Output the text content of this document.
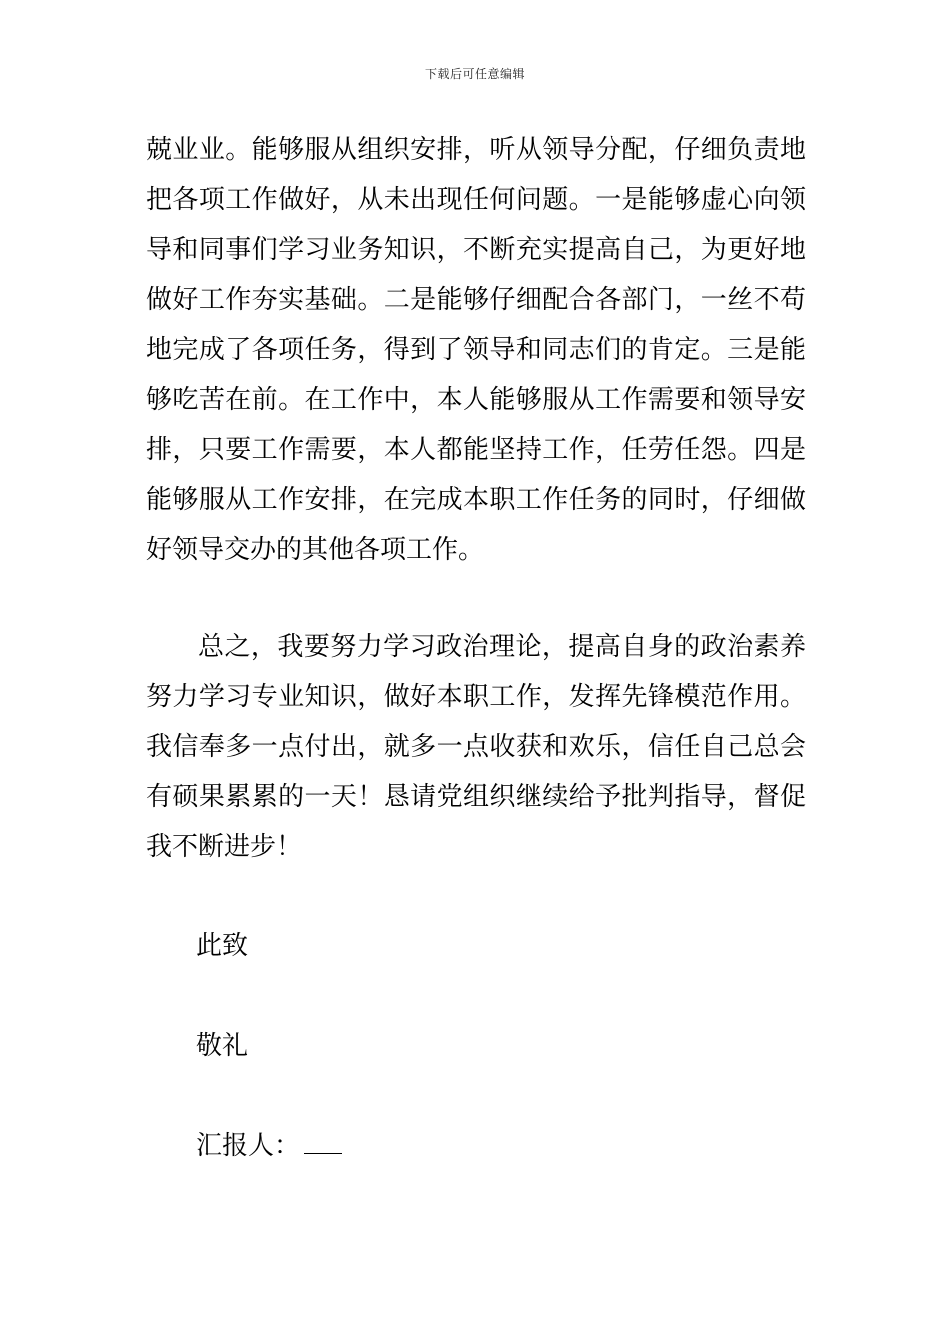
下载后可任意编辑

兢业业。能够服从组织安排，听从领导分配，仔细负责地把各项工作做好，从未出现任何问题。一是能够虚心向领导和同事们学习业务知识，不断充实提高自己，为更好地做好工作夯实基础。二是能够仔细配合各部门，一丝不苟地完成了各项任务，得到了领导和同志们的肯定。三是能够吃苦在前。在工作中，本人能够服从工作需要和领导安排，只要工作需要，本人都能坚持工作，任劳任怨。四是能够服从工作安排，在完成本职工作任务的同时，仔细做好领导交办的其他各项工作。

总之，我要努力学习政治理论，提高自身的政治素养努力学习专业知识，做好本职工作，发挥先锋模范作用。我信奉多一点付出，就多一点收获和欢乐，信任自己总会有硕果累累的一天！恳请党组织继续给予批判指导，督促我不断进步！

此致

敬礼

汇报人：
